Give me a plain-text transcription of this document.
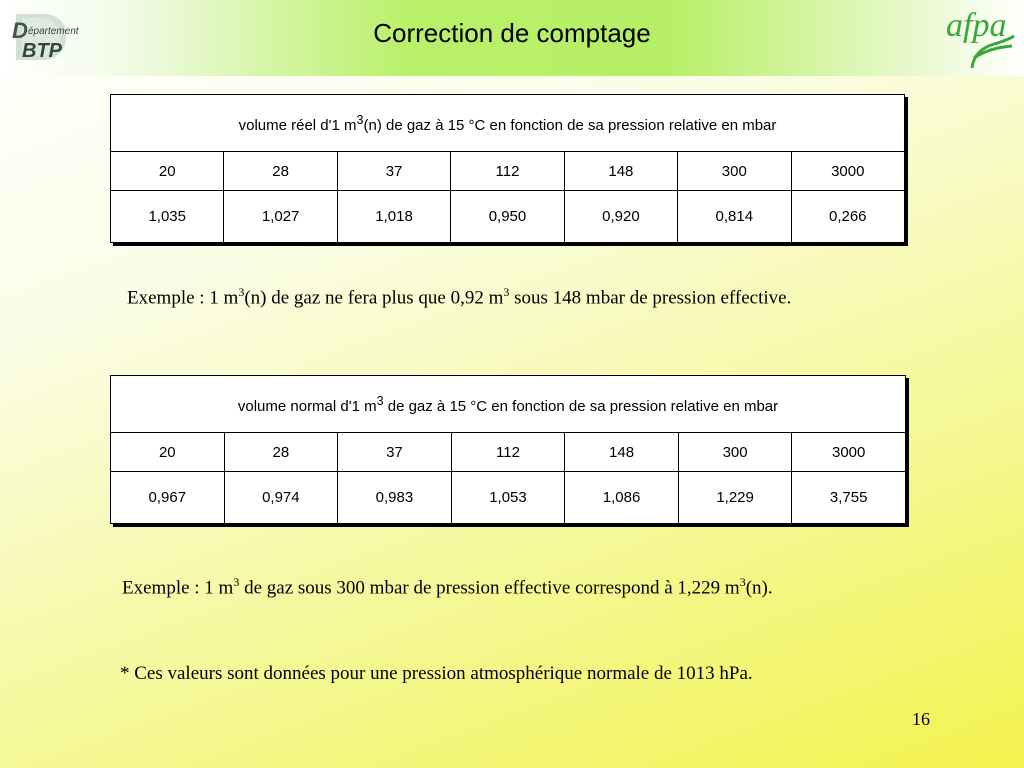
D épartement
BTP
Correction de comptage	afpa
volume réel d'1 $m^3(n)$ de gaz à 15 °C en fonction de sa pression relative en mbar						
20	28	37	112	148	300	3000
1,035	1,027	1,018	0,950	0,920	0,814	0,266
Exemple : 1 $m^3(n)$ de gaz ne fera plus que 0,92 $m^3$ sous 148 mbar de pression effective.
volume normal d'1 $m^3$ de gaz à 15 °C en fonction de sa pression relative en mbar						
20	28	37	112	148	300	3000
0,967	0,974	0,983	1,053	1,086	1,229	3,755
Exemple : 1 $m^3$ de gaz sous 300 mbar de pression effective correspond à 1,229 $m^3(n)$.
* Ces valeurs sont données pour une pression atmosphérique normale de 1013 hPa.
16
